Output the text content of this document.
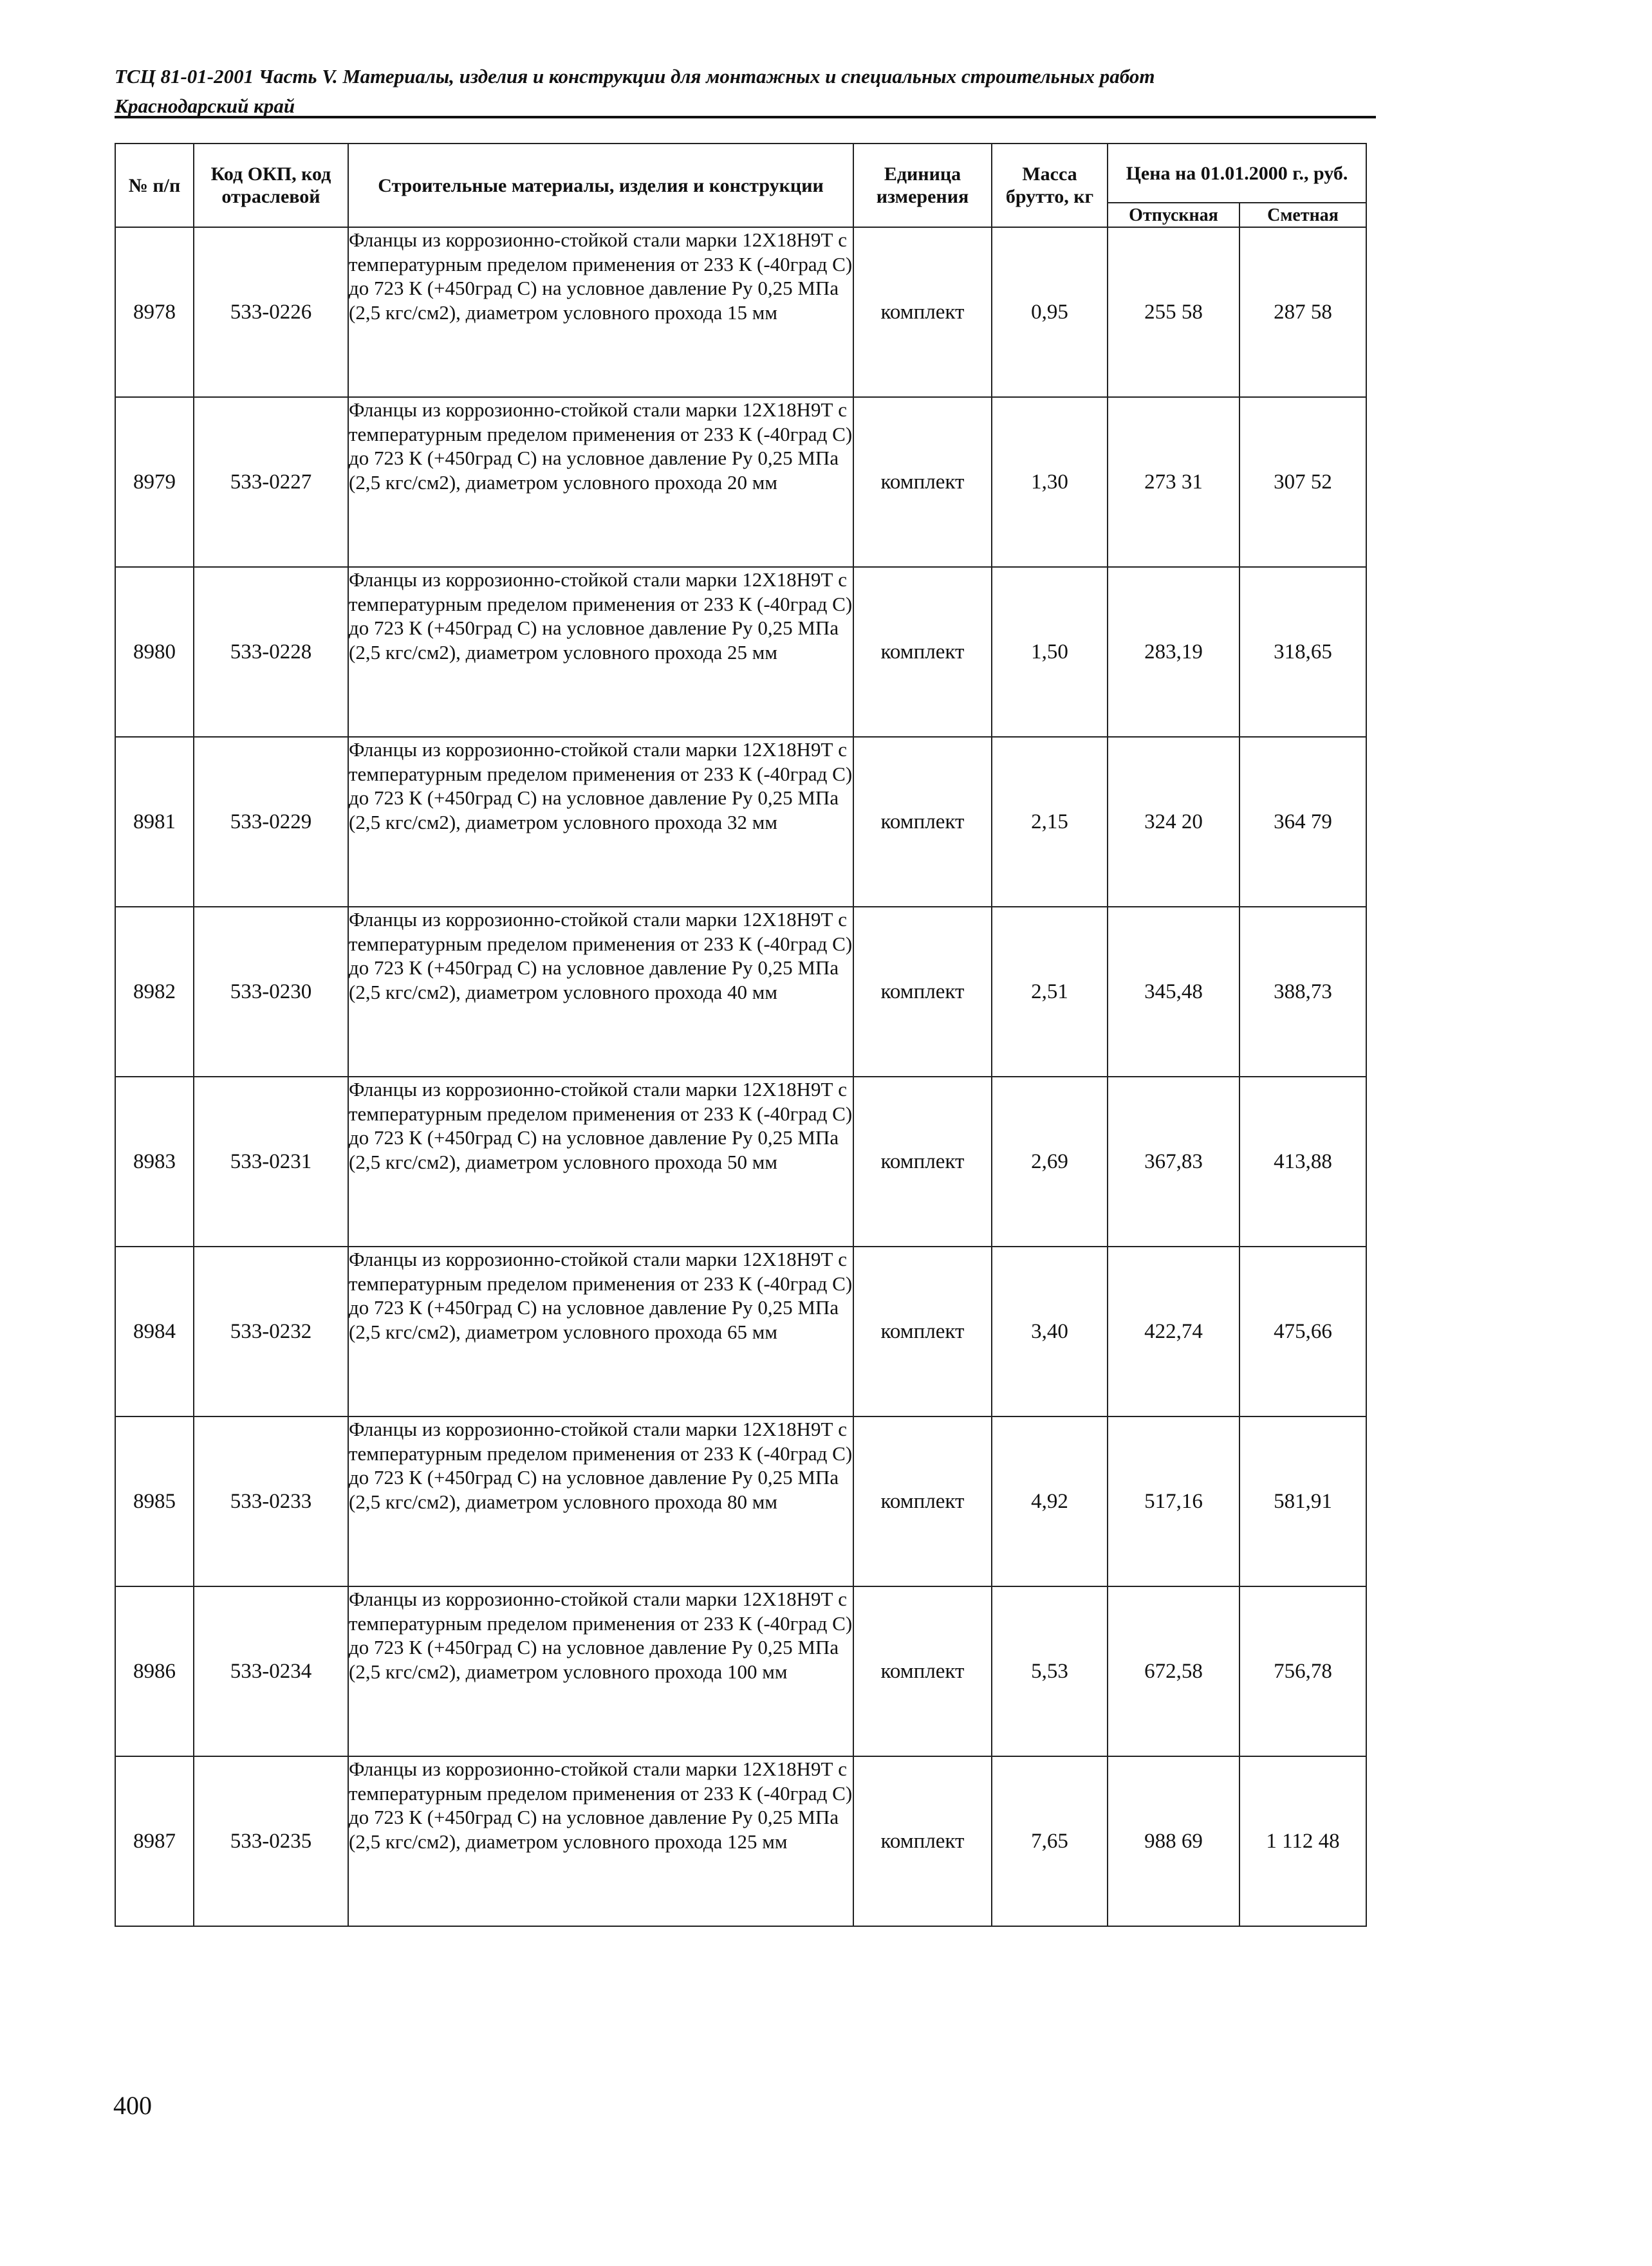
ТСЦ 81-01-2001 Часть V. Материалы, изделия и конструкции для монтажных и специальных строительных работ
Краснодарский край
№ п/п	Код ОКП, код отраслевой	Строительные материалы, изделия и конструкции	Единица измерения	Масса брутто, кг	Цена на 01.01.2000 г., руб.	
					Отпускная	Сметная
8978	533-0226	Фланцы из коррозионно-стойкой стали марки 12Х18Н9Т с температурным пределом применения от 233 К (-40град С) до 723 К (+450град С) на условное давление Ру 0,25 МПа (2,5 кгс/см2), диаметром условного прохода 15 мм	комплект	0,95	255 58	287 58
8979	533-0227	Фланцы из коррозионно-стойкой стали марки 12Х18Н9Т с температурным пределом применения от 233 К (-40град С) до 723 К (+450град С) на условное давление Ру 0,25 МПа (2,5 кгс/см2), диаметром условного прохода 20 мм	комплект	1,30	273 31	307 52
8980	533-0228	Фланцы из коррозионно-стойкой стали марки 12Х18Н9Т с температурным пределом применения от 233 К (-40град С) до 723 К (+450град С) на условное давление Ру 0,25 МПа (2,5 кгс/см2), диаметром условного прохода 25 мм	комплект	1,50	283,19	318,65
8981	533-0229	Фланцы из коррозионно-стойкой стали марки 12Х18Н9Т с температурным пределом применения от 233 К (-40град С) до 723 К (+450град С) на условное давление Ру 0,25 МПа (2,5 кгс/см2), диаметром условного прохода 32 мм	комплект	2,15	324 20	364 79
8982	533-0230	Фланцы из коррозионно-стойкой стали марки 12Х18Н9Т с температурным пределом применения от 233 К (-40град С) до 723 К (+450град С) на условное давление Ру 0,25 МПа (2,5 кгс/см2), диаметром условного прохода 40 мм	комплект	2,51	345,48	388,73
8983	533-0231	Фланцы из коррозионно-стойкой стали марки 12Х18Н9Т с температурным пределом применения от 233 К (-40град С) до 723 К (+450град С) на условное давление Ру 0,25 МПа (2,5 кгс/см2), диаметром условного прохода 50 мм	комплект	2,69	367,83	413,88
8984	533-0232	Фланцы из коррозионно-стойкой стали марки 12Х18Н9Т с температурным пределом применения от 233 К (-40град С) до 723 К (+450град С) на условное давление Ру 0,25 МПа (2,5 кгс/см2), диаметром условного прохода 65 мм	комплект	3,40	422,74	475,66
8985	533-0233	Фланцы из коррозионно-стойкой стали марки 12Х18Н9Т с температурным пределом применения от 233 К (-40град С) до 723 К (+450град С) на условное давление Ру 0,25 МПа (2,5 кгс/см2), диаметром условного прохода 80 мм	комплект	4,92	517,16	581,91
8986	533-0234	Фланцы из коррозионно-стойкой стали марки 12Х18Н9Т с температурным пределом применения от 233 К (-40град С) до 723 К (+450град С) на условное давление Ру 0,25 МПа (2,5 кгс/см2), диаметром условного прохода 100 мм	комплект	5,53	672,58	756,78
8987	533-0235	Фланцы из коррозионно-стойкой стали марки 12Х18Н9Т с температурным пределом применения от 233 К (-40град С) до 723 К (+450град С) на условное давление Ру 0,25 МПа (2,5 кгс/см2), диаметром условного прохода 125 мм	комплект	7,65	988 69	1 112 48
400
